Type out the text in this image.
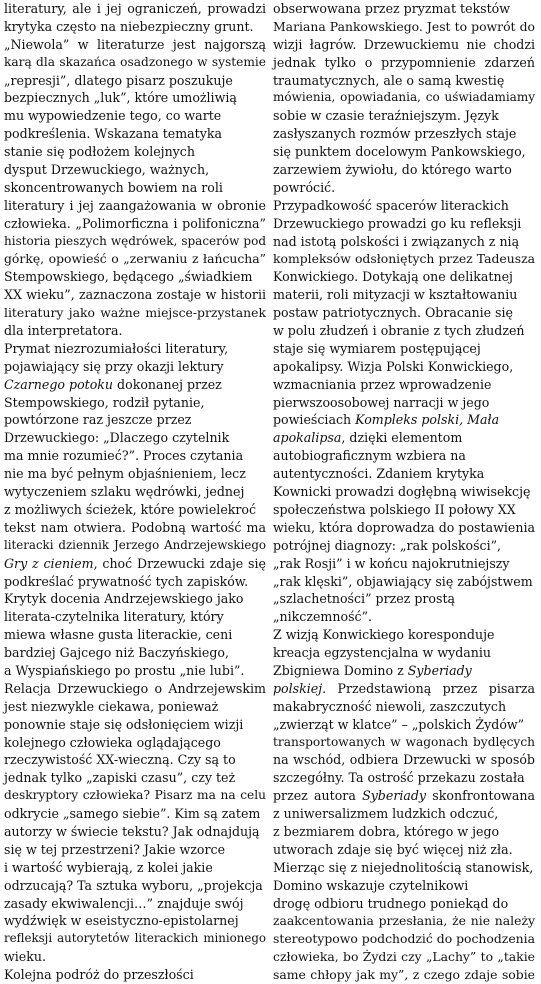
literatury, ale i jej ograniczeń, prowadzi
krytyka często na niebezpieczny grunt.
„Niewola” w literaturze jest najgorszą
karą dla skazańca osadzonego w systemie
„represji”, dlatego pisarz poszukuje
bezpiecznych „luk”, które umożliwią
mu wypowiedzenie tego, co warte
podkreślenia. Wskazana tematyka
stanie się podłożem kolejnych
dysput Drzewuckiego, ważnych,
skoncentrowanych bowiem na roli
literatury i jej zaangażowania w obronie
człowieka. „Polimorficzna i polifoniczna”
historia pieszych wędrówek, spacerów pod
górkę, opowieść o „zerwaniu z łańcucha”
Stempowskiego, będącego „świadkiem
XX wieku”, zaznaczona zostaje w historii
literatury jako ważne miejsce-przystanek
dla interpretatora.
Prymat niezrozumiałości literatury,
pojawiający się przy okazji lektury
Czarnego potoku dokonanej przez
Stempowskiego, rodził pytanie,
powtórzone raz jeszcze przez
Drzewuckiego: „Dlaczego czytelnik
ma mnie rozumieć?”. Proces czytania
nie ma być pełnym objaśnieniem, lecz
wytyczeniem szlaku wędrówki, jednej
z możliwych ścieżek, które powielekroć
tekst nam otwiera. Podobną wartość ma
literacki dziennik Jerzego Andrzejewskiego
Gry z cieniem, choć Drzewucki zdaje się
podkreślać prywatność tych zapisków.
Krytyk docenia Andrzejewskiego jako
literata-czytelnika literatury, który
miewa własne gusta literackie, ceni
bardziej Gajcego niż Baczyńskiego,
a Wyspiańskiego po prostu „nie lubi”.
Relacja Drzewuckiego o Andrzejewskim
jest niezwykle ciekawa, ponieważ
ponownie staje się odsłonięciem wizji
kolejnego człowieka oglądającego
rzeczywistość XX-wieczną. Czy są to
jednak tylko „zapiski czasu”, czy też
deskryptory człowieka? Pisarz ma na celu
odkrycie „samego siebie”. Kim są zatem
autorzy w świecie tekstu? Jak odnajdują
się w tej przestrzeni? Jakie wzorce
i wartość wybierają, z kolei jakie
odrzucają? Ta sztuka wyboru, „projekcja
zasady ekwiwalencji…” znajduje swój
wydźwięk w eseistyczno-epistolarnej
refleksji autorytetów literackich minionego
wieku.
Kolejna podróż do przeszłości
obserwowana przez pryzmat tekstów
Mariana Pankowskiego. Jest to powrót do
wizji łagrów. Drzewuckiemu nie chodzi
jednak tylko o przypomnienie zdarzeń
traumatycznych, ale o samą kwestię
mówienia, opowiadania, co uświadamiamy
sobie w czasie teraźniejszym. Język
zasłyszanych rozmów przeszłych staje
się punktem docelowym Pankowskiego,
zarzewiem żywiołu, do którego warto
powrócić.
Przypadkowość spacerów literackich
Drzewuckiego prowadzi go ku refleksji
nad istotą polskości i związanych z nią
kompleksów odsłoniętych przez Tadeusza
Konwickiego. Dotykają one delikatnej
materii, roli mityzacji w kształtowaniu
postaw patriotycznych. Obracanie się
w polu złudzeń i obranie z tych złudzeń
staje się wymiarem postępującej
apokalipsy. Wizja Polski Konwickiego,
wzmacniania przez wprowadzenie
pierwszoosobowej narracji w jego
powieściach Kompleks polski, Mała
apokalipsa, dzięki elementom
autobiograficznym wzbiera na
autentyczności. Zdaniem krytyka
Kownicki prowadzi dogłębną wiwisekcję
społeczeństwa polskiego II połowy XX
wieku, która doprowadza do postawienia
potrójnej diagnozy: „rak polskości”,
„rak Rosji” i w końcu najokrutniejszy
„rak klęski”, objawiający się zabójstwem
„szlachetności” przez prostą
„nikczemność”.
Z wizją Konwickiego koresponduje
kreacja egzystencjalna w wydaniu
Zbigniewa Domino z Syberiady
polskiej. Przedstawioną przez pisarza
makabryczność niewoli, zaszczutych
„zwierząt w klatce” – „polskich Żydów”
transportowanych w wagonach bydlęcych
na wschód, odbiera Drzewucki w sposób
szczegółny. Ta ostrość przekazu została
przez autora Syberiady skonfrontowana
z uniwersalizmem ludzkich odczuć,
z bezmiarem dobra, którego w jego
utworach zdaje się być więcej niż zła.
Mierząc się z niejednolitością stanowisk,
Domino wskazuje czytelnikowi
drogę odbioru trudnego poniekąd do
zaakcentowania przesłania, że nie należy
stereotypowo podchodzić do pochodzenia
człowieka, bo Żydzi czy „Lachy” to „takie
same chłopy jak my”, z czego zdaje sobie
